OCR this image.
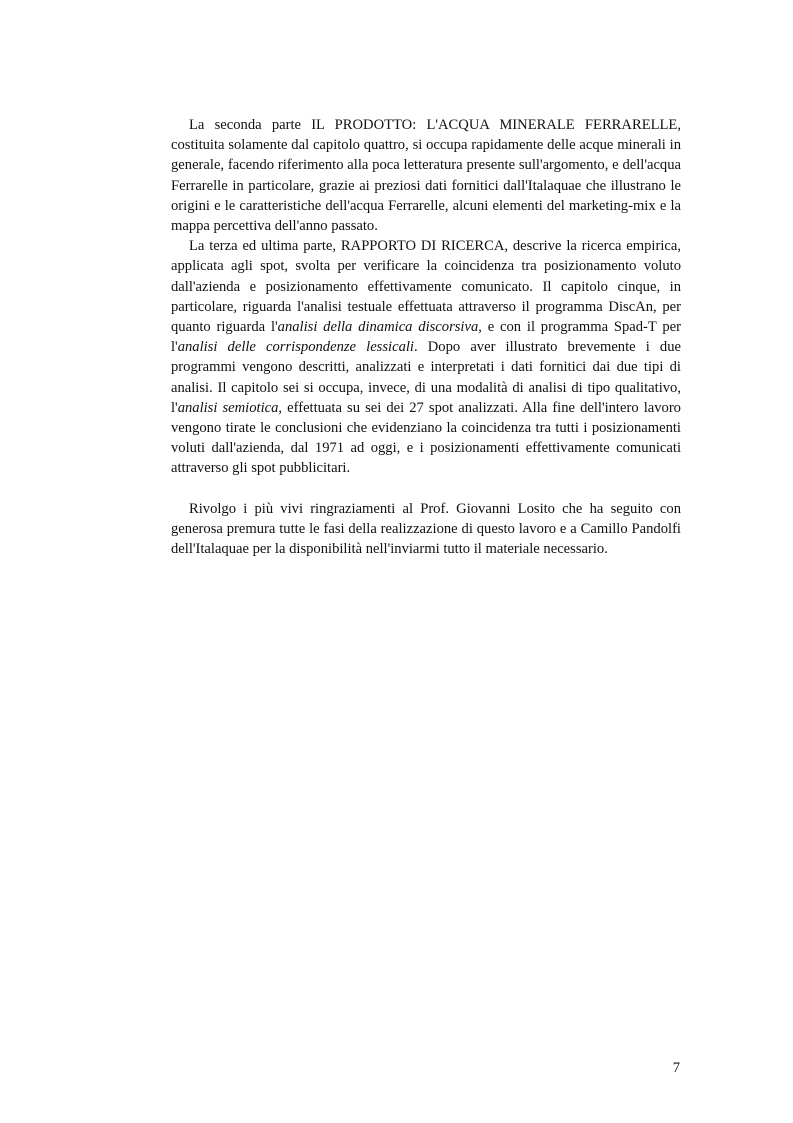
La seconda parte IL PRODOTTO: L'ACQUA MINERALE FERRARELLE, costituita solamente dal capitolo quattro, si occupa rapidamente delle acque minerali in generale, facendo riferimento alla poca letteratura presente sull'argomento, e dell'acqua Ferrarelle in particolare, grazie ai preziosi dati fornitici dall'Italaquae che illustrano le origini e le caratteristiche dell'acqua Ferrarelle, alcuni elementi del marketing-mix e la mappa percettiva dell'anno passato.

La terza ed ultima parte, RAPPORTO DI RICERCA, descrive la ricerca empirica, applicata agli spot, svolta per verificare la coincidenza tra posizionamento voluto dall'azienda e posizionamento effettivamente comunicato. Il capitolo cinque, in particolare, riguarda l'analisi testuale effettuata attraverso il programma DiscAn, per quanto riguarda l'analisi della dinamica discorsiva, e con il programma Spad-T per l'analisi delle corrispondenze lessicali. Dopo aver illustrato brevemente i due programmi vengono descritti, analizzati e interpretati i dati fornitici dai due tipi di analisi. Il capitolo sei si occupa, invece, di una modalità di analisi di tipo qualitativo, l'analisi semiotica, effettuata su sei dei 27 spot analizzati. Alla fine dell'intero lavoro vengono tirate le conclusioni che evidenziano la coincidenza tra tutti i posizionamenti voluti dall'azienda, dal 1971 ad oggi, e i posizionamenti effettivamente comunicati attraverso gli spot pubblicitari.

Rivolgo i più vivi ringraziamenti al Prof. Giovanni Losito che ha seguito con generosa premura tutte le fasi della realizzazione di questo lavoro e a Camillo Pandolfi dell'Italaquae per la disponibilità nell'inviarmi tutto il materiale necessario.

7
